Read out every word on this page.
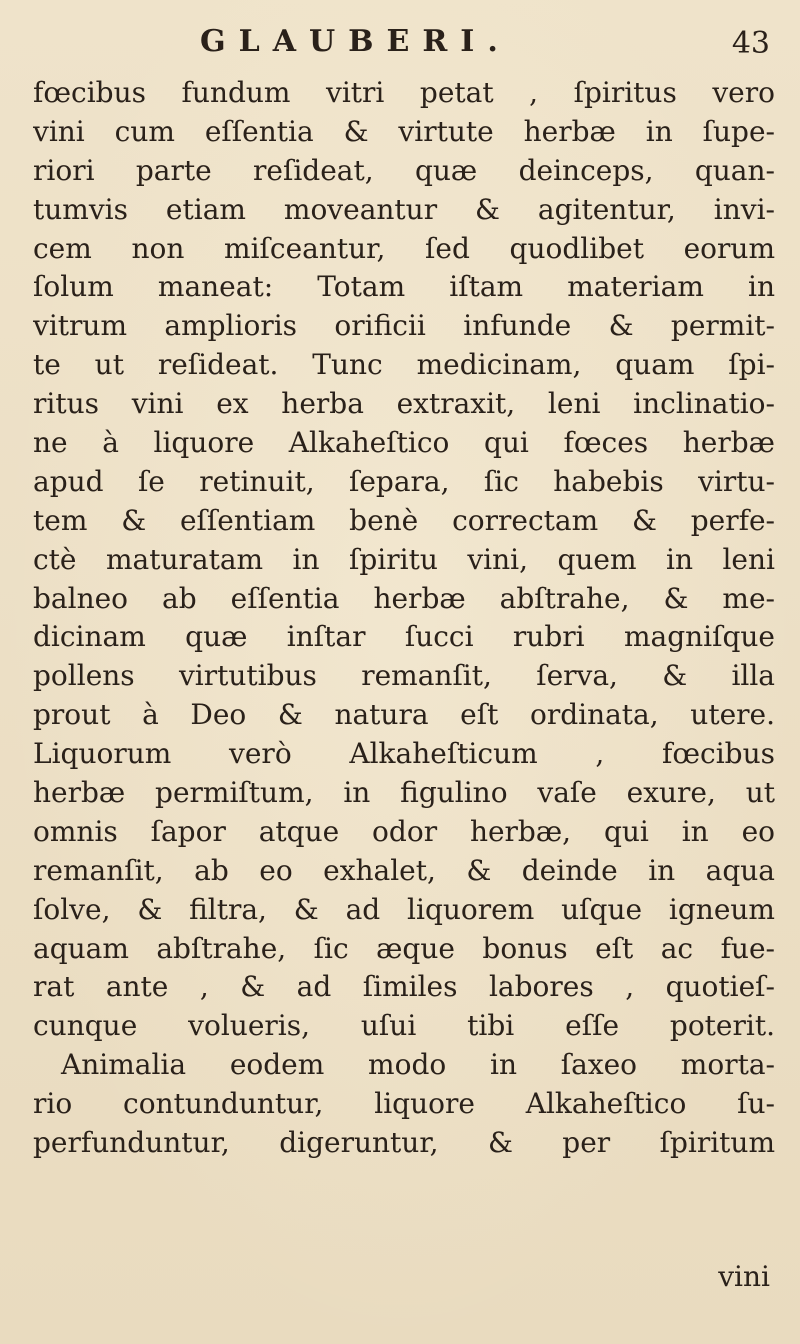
GLAUBERI.	43
fœcibus fundum vitri petat , ſpiritus vero
vini cum eſſentia & virtute herbæ in ſupe-
riori parte reſideat, quæ deinceps, quan-
tumvis etiam moveantur & agitentur, invi-
cem non miſceantur, ſed quodlibet eorum
ſolum maneat: Totam iſtam materiam in
vitrum amplioris orificii infunde & permit-
te ut reſideat. Tunc medicinam, quam ſpi-
ritus vini ex herba extraxit, leni inclinatio-
ne à liquore Alkaheſtico qui fœces herbæ
apud ſe retinuit, ſepara, ſic habebis virtu-
tem & eſſentiam benè correctam & perfe-
ctè maturatam in ſpiritu vini, quem in leni
balneo ab eſſentia herbæ abſtrahe, & me-
dicinam quæ inſtar ſucci rubri magniſque
pollens virtutibus remanſit, ſerva, & illa
prout à Deo & natura eſt ordinata, utere.
Liquorum verò Alkaheſticum , fœcibus
herbæ permiſtum, in figulino vaſe exure, ut
omnis ſapor atque odor herbæ, qui in eo
remanſit, ab eo exhalet, & deinde in aqua
ſolve, & filtra, & ad liquorem uſque igneum
aquam abſtrahe, ſic æque bonus eſt ac fue-
rat ante , & ad ſimiles labores , quotieſ-
cunque volueris, uſui tibi eſſe poterit.
Animalia eodem modo in ſaxeo morta-
rio contunduntur, liquore Alkaheſtico ſu-
perfunduntur, digeruntur, & per ſpiritum
vini
